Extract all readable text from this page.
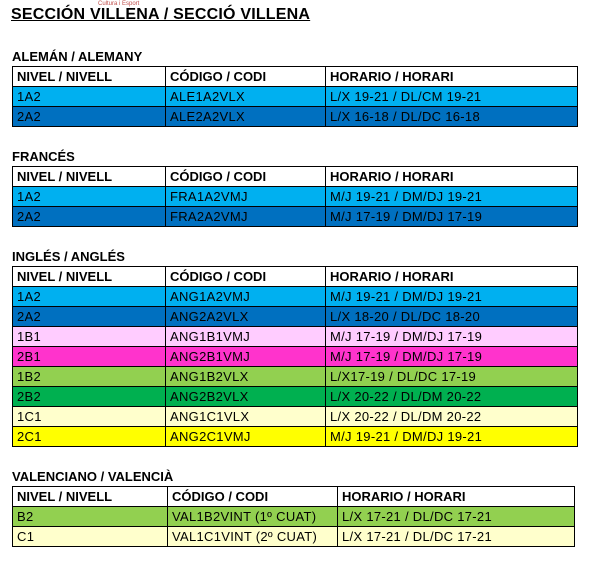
Cultura i Esport
SECCIÓN VILLENA / SECCIÓ VILLENA
ALEMÁN / ALEMANY
NIVEL / NIVELL	CÓDIGO / CODI	HORARIO / HORARI
1A2	ALE1A2VLX	L/X 19-21 / DL/CM 19-21
2A2	ALE2A2VLX	L/X 16-18 / DL/DC 16-18
FRANCÉS
NIVEL / NIVELL	CÓDIGO / CODI	HORARIO / HORARI
1A2	FRA1A2VMJ	M/J 19-21 / DM/DJ 19-21
2A2	FRA2A2VMJ	M/J 17-19 / DM/DJ 17-19
INGLÉS / ANGLÉS
NIVEL / NIVELL	CÓDIGO / CODI	HORARIO / HORARI
1A2	ANG1A2VMJ	M/J 19-21 / DM/DJ 19-21
2A2	ANG2A2VLX	L/X 18-20 / DL/DC 18-20
1B1	ANG1B1VMJ	M/J 17-19 / DM/DJ 17-19
2B1	ANG2B1VMJ	M/J 17-19 / DM/DJ 17-19
1B2	ANG1B2VLX	L/X17-19 / DL/DC 17-19
2B2	ANG2B2VLX	L/X 20-22 / DL/DM 20-22
1C1	ANG1C1VLX	L/X 20-22 / DL/DM 20-22
2C1	ANG2C1VMJ	M/J 19-21 / DM/DJ 19-21
VALENCIANO / VALENCIÀ
NIVEL / NIVELL	CÓDIGO / CODI	HORARIO / HORARI
B2	VAL1B2VINT (1º CUAT)	L/X 17-21 / DL/DC 17-21
C1	VAL1C1VINT (2º CUAT)	L/X 17-21 / DL/DC 17-21
